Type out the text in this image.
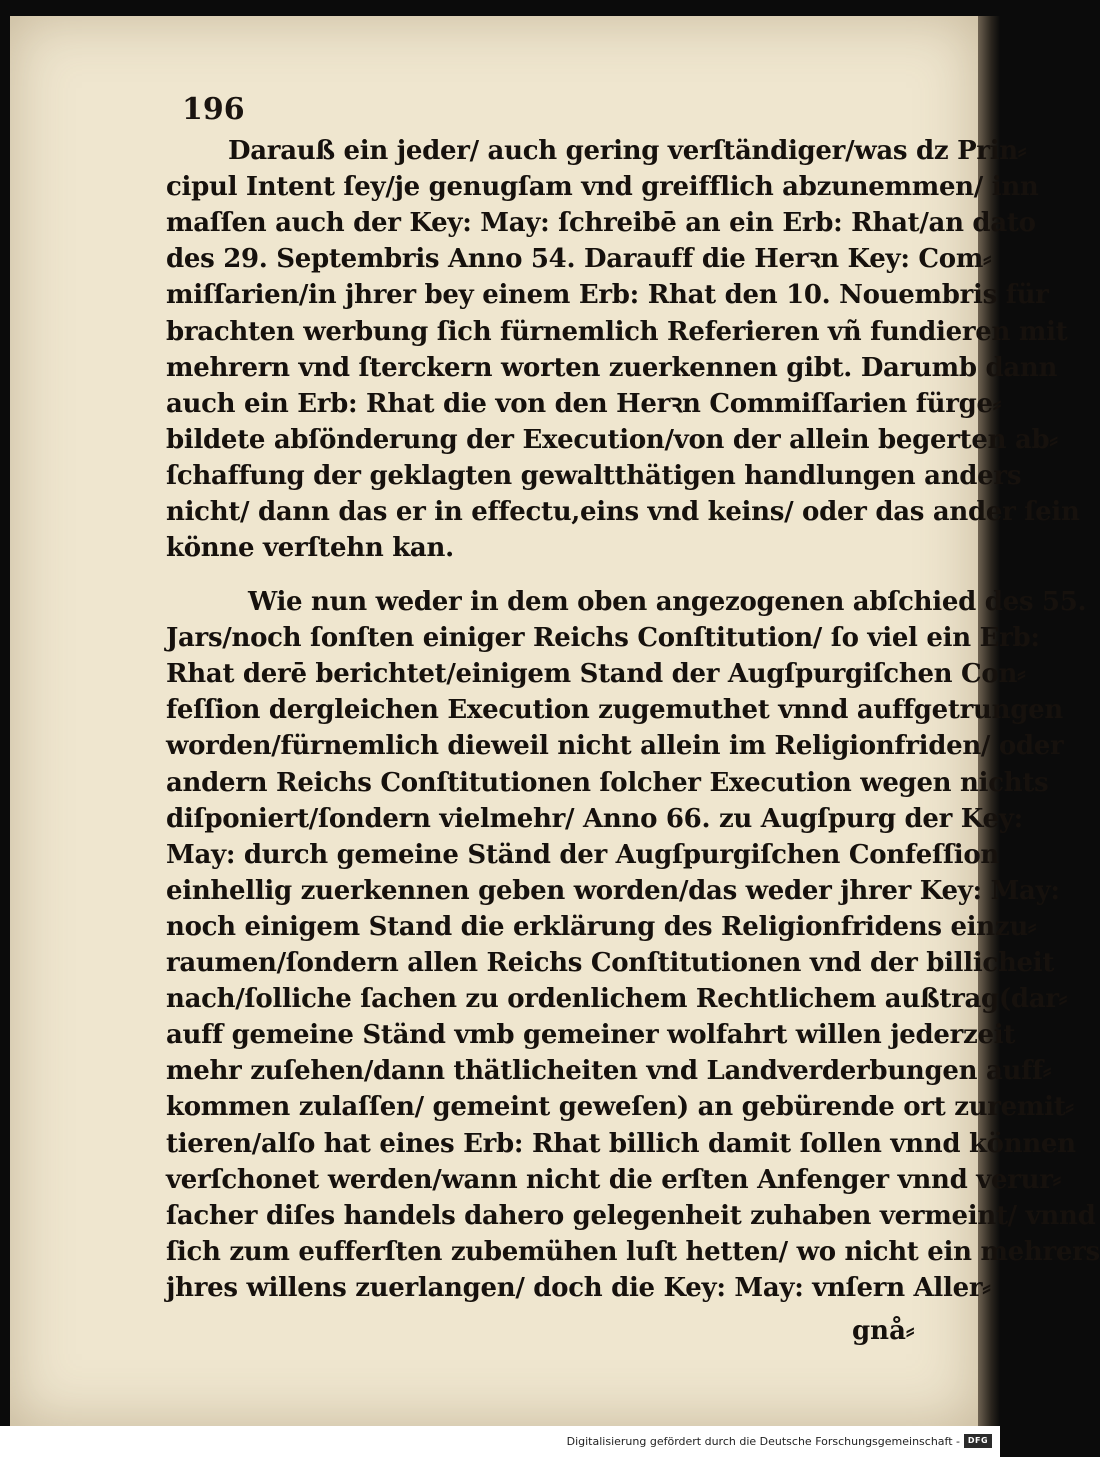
196
Darauß ein jeder/ auch gering verſtändiger/was dz Prin⸗
cipul Intent ſey/je genugſam vnd greifflich abzunemmen/ inn
maſſen auch der Key: May: ſchreibē an ein Erb: Rhat/an dato
des 29. Septembris Anno 54. Darauff die Herꝛn Key: Com⸗
miſſarien/in jhrer bey einem Erb: Rhat den 10. Nouembris für
brachten werbung ſich fürnemlich Referieren vñ fundieren mit
mehrern vnd ſterckern worten zuerkennen gibt. Darumb dann
auch ein Erb: Rhat die von den Herꝛn Commiſſarien fürge⸗
bildete abſönderung der Execution/von der allein begerten ab⸗
ſchaffung der geklagten gewaltthätigen handlungen anders
nicht/ dann das er in effectu,eins vnd keins/ oder das ander ſein
könne verſtehn kan.
Wie nun weder in dem oben angezogenen abſchied des 55.
Jars/noch ſonſten einiger Reichs Conſtitution/ ſo viel ein Erb:
Rhat derē berichtet/einigem Stand der Augſpurgiſchen Con⸗
feſſion dergleichen Execution zugemuthet vnnd auffgetrungen
worden/fürnemlich dieweil nicht allein im Religionfriden/ oder
andern Reichs Conſtitutionen ſolcher Execution wegen nichts
diſponiert/ſondern vielmehr/ Anno 66. zu Augſpurg der Key:
May: durch gemeine Ständ der Augſpurgiſchen Confeſſion
einhellig zuerkennen geben worden/das weder jhrer Key: May:
noch einigem Stand die erklärung des Religionfridens einzu⸗
raumen/ſondern allen Reichs Conſtitutionen vnd der billicheit
nach/ſolliche ſachen zu ordenlichem Rechtlichem außtrag(dar⸗
auff gemeine Ständ vmb gemeiner wolfahrt willen jederzeit
mehr zuſehen/dann thätlicheiten vnd Landverderbungen auff⸗
kommen zulaſſen/ gemeint geweſen) an gebürende ort zuremit⸗
tieren/alſo hat eines Erb: Rhat billich damit ſollen vnnd können
verſchonet werden/wann nicht die erſten Anfenger vnnd verur⸗
ſacher diſes handels dahero gelegenheit zuhaben vermeint/ vnnd
ſich zum eufferſten zubemühen luſt hetten/ wo nicht ein mehrers
jhres willens zuerlangen/ doch die Key: May: vnſern Aller⸗
gnå⸗
Digitalisierung gefördert durch die Deutsche Forschungsgemeinschaft - DFG
